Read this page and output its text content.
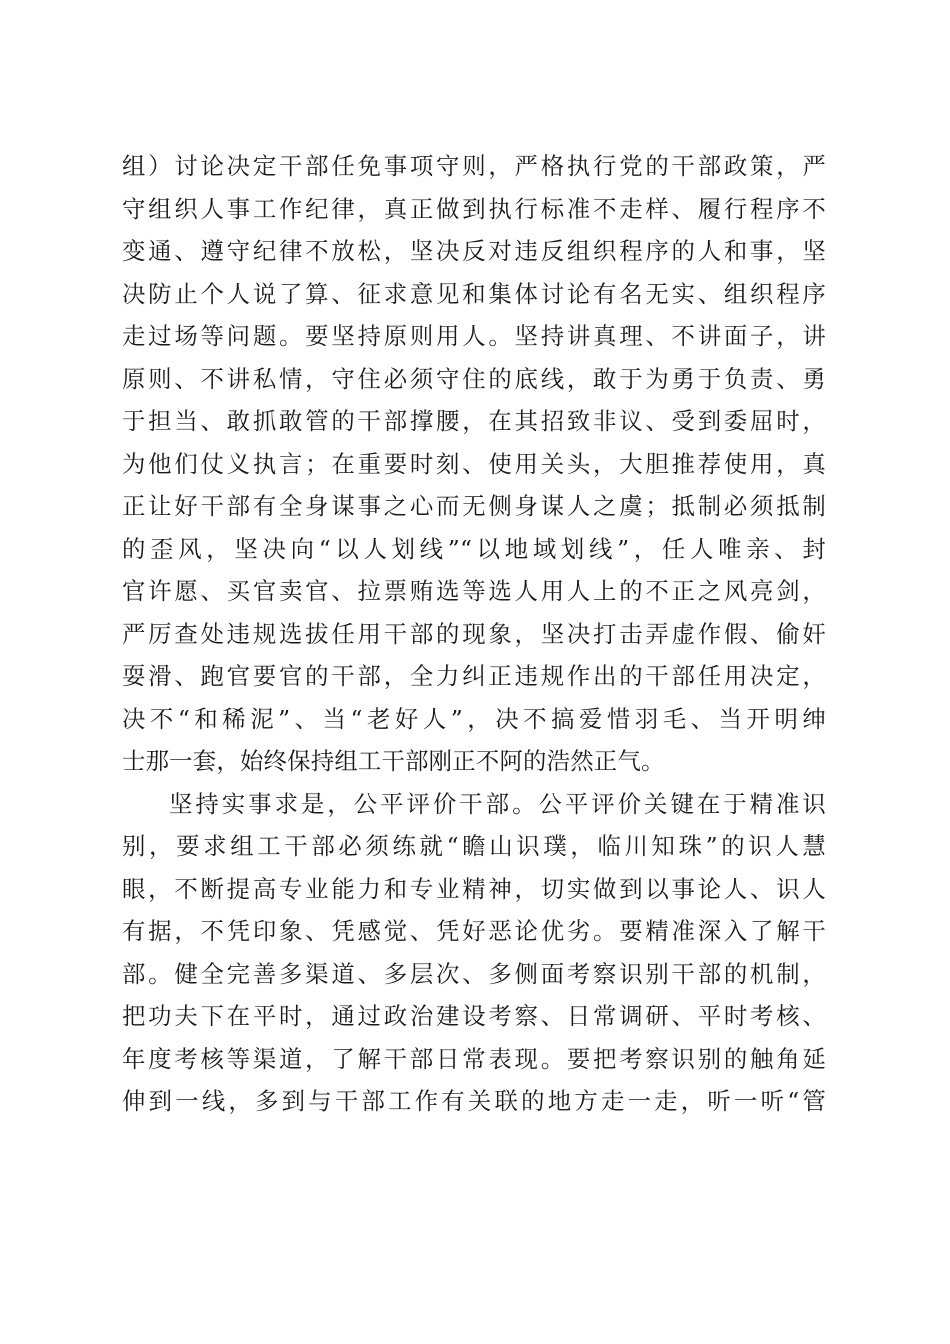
组）讨论决定干部任免事项守则，严格执行党的干部政策，严
守组织人事工作纪律，真正做到执行标准不走样、履行程序不
变通、遵守纪律不放松，坚决反对违反组织程序的人和事，坚
决防止个人说了算、征求意见和集体讨论有名无实、组织程序
走过场等问题。要坚持原则用人。坚持讲真理、不讲面子，讲
原则、不讲私情，守住必须守住的底线，敢于为勇于负责、勇
于担当、敢抓敢管的干部撑腰，在其招致非议、受到委屈时，
为他们仗义执言；在重要时刻、使用关头，大胆推荐使用，真
正让好干部有全身谋事之心而无侧身谋人之虞；抵制必须抵制
的歪风，坚决向“以人划线”“以地域划线”，任人唯亲、封
官许愿、买官卖官、拉票贿选等选人用人上的不正之风亮剑，
严厉查处违规选拔任用干部的现象，坚决打击弄虚作假、偷奸
耍滑、跑官要官的干部，全力纠正违规作出的干部任用决定，
决不“和稀泥”、当“老好人”，决不搞爱惜羽毛、当开明绅
士那一套，始终保持组工干部刚正不阿的浩然正气。
坚持实事求是，公平评价干部。公平评价关键在于精准识
别，要求组工干部必须练就“瞻山识璞，临川知珠”的识人慧
眼，不断提高专业能力和专业精神，切实做到以事论人、识人
有据，不凭印象、凭感觉、凭好恶论优劣。要精准深入了解干
部。健全完善多渠道、多层次、多侧面考察识别干部的机制，
把功夫下在平时，通过政治建设考察、日常调研、平时考核、
年度考核等渠道，了解干部日常表现。要把考察识别的触角延
伸到一线，多到与干部工作有关联的地方走一走，听一听“管
